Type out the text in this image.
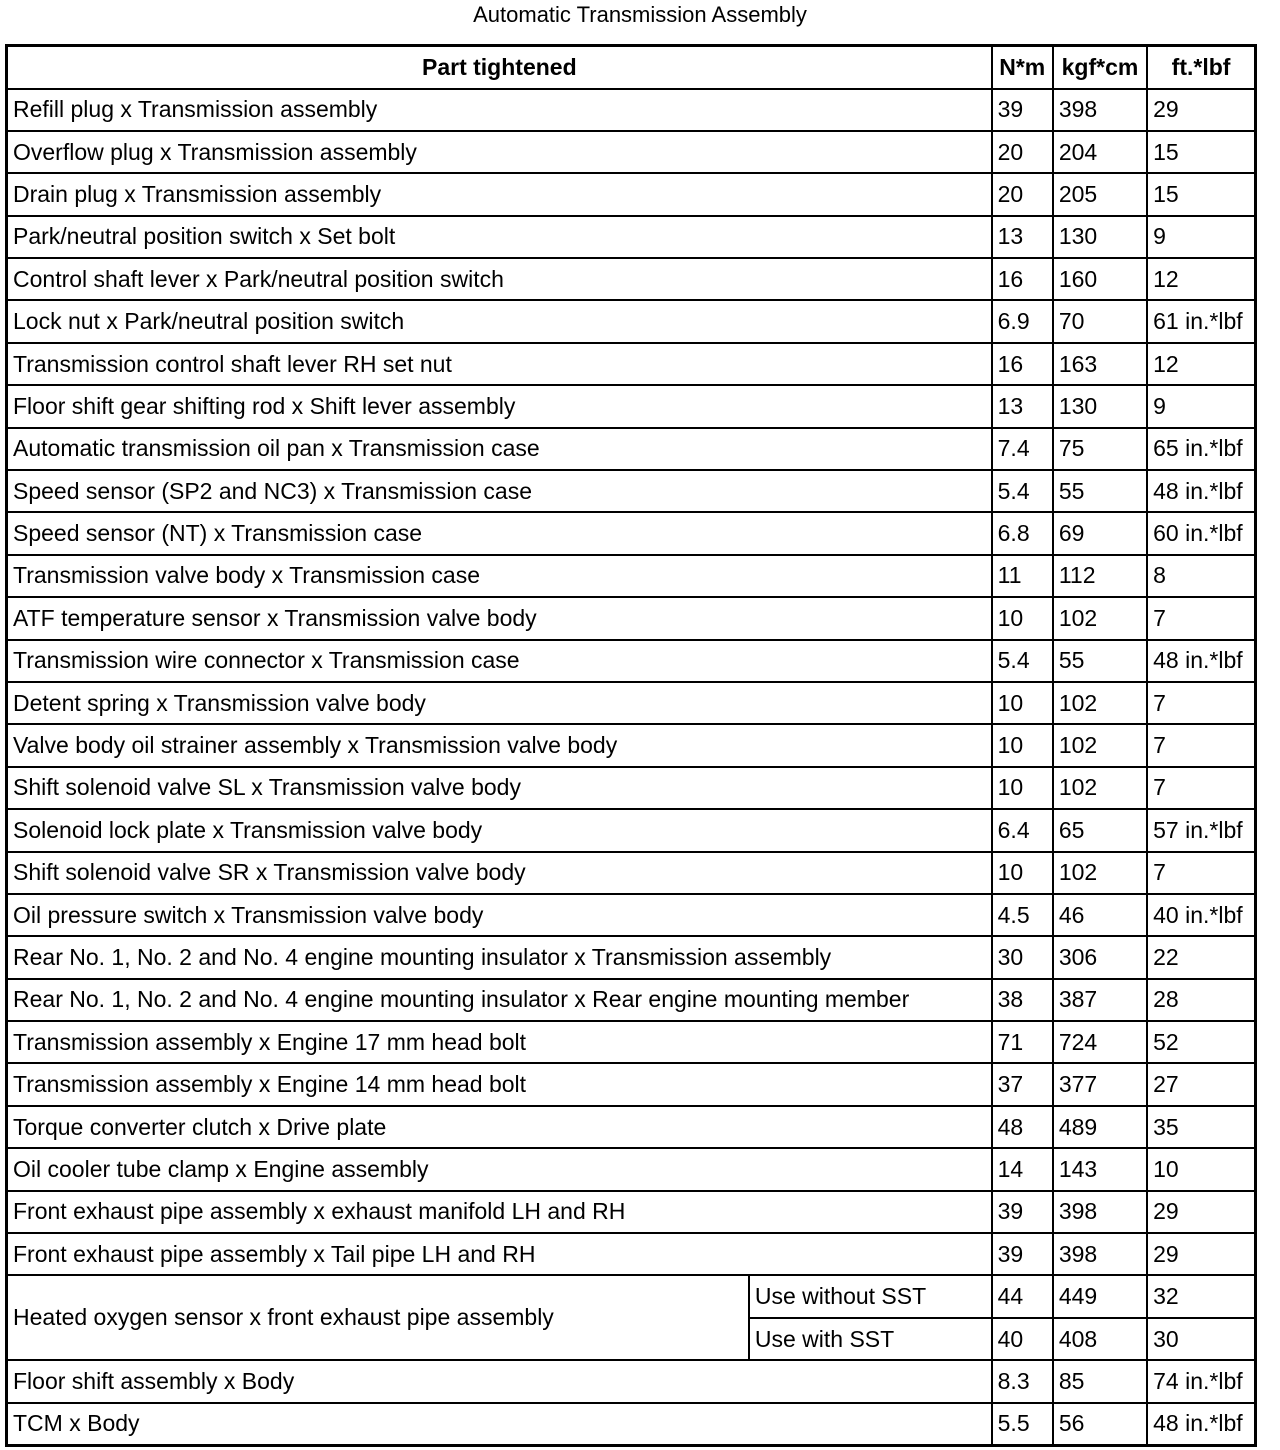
Automatic Transmission Assembly
Part tightened		N*m	kgf*cm	ft.*lbf
Refill plug x Transmission assembly		39	398	29
Overflow plug x Transmission assembly		20	204	15
Drain plug x Transmission assembly		20	205	15
Park/neutral position switch x Set bolt		13	130	9
Control shaft lever x Park/neutral position switch		16	160	12
Lock nut x Park/neutral position switch		6.9	70	61 in.*lbf
Transmission control shaft lever RH set nut		16	163	12
Floor shift gear shifting rod x Shift lever assembly		13	130	9
Automatic transmission oil pan x Transmission case		7.4	75	65 in.*lbf
Speed sensor (SP2 and NC3) x Transmission case		5.4	55	48 in.*lbf
Speed sensor (NT) x Transmission case		6.8	69	60 in.*lbf
Transmission valve body x Transmission case		11	112	8
ATF temperature sensor x Transmission valve body		10	102	7
Transmission wire connector x Transmission case		5.4	55	48 in.*lbf
Detent spring x Transmission valve body		10	102	7
Valve body oil strainer assembly x Transmission valve body		10	102	7
Shift solenoid valve SL x Transmission valve body		10	102	7
Solenoid lock plate x Transmission valve body		6.4	65	57 in.*lbf
Shift solenoid valve SR x Transmission valve body		10	102	7
Oil pressure switch x Transmission valve body		4.5	46	40 in.*lbf
Rear No. 1, No. 2 and No. 4 engine mounting insulator x Transmission assembly		30	306	22
Rear No. 1, No. 2 and No. 4 engine mounting insulator x Rear engine mounting member		38	387	28
Transmission assembly x Engine 17 mm head bolt		71	724	52
Transmission assembly x Engine 14 mm head bolt		37	377	27
Torque converter clutch x Drive plate		48	489	35
Oil cooler tube clamp x Engine assembly		14	143	10
Front exhaust pipe assembly x exhaust manifold LH and RH		39	398	29
Front exhaust pipe assembly x Tail pipe LH and RH		39	398	29
Heated oxygen sensor x front exhaust pipe assembly	Use without SST	44	449	32
	Use with SST	40	408	30
Floor shift assembly x Body		8.3	85	74 in.*lbf
TCM x Body		5.5	56	48 in.*lbf
